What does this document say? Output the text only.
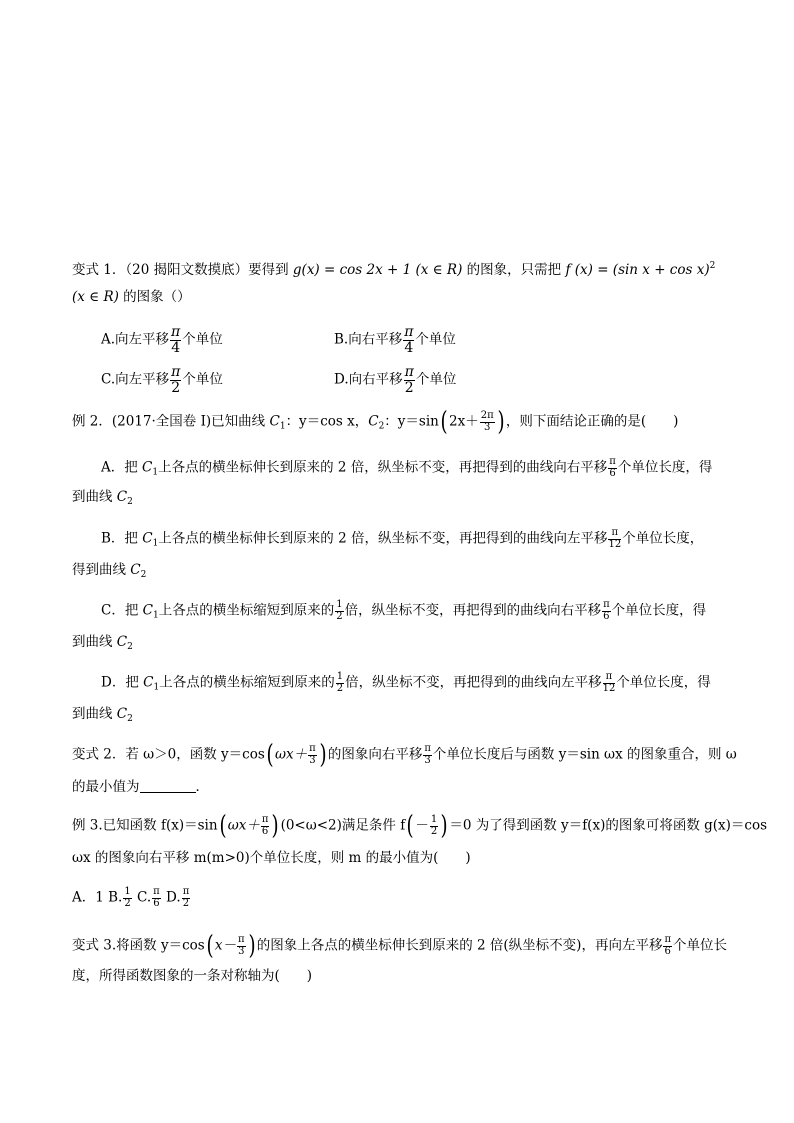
变式 1．（20 揭阳文数摸底）要得到 g(x) = cos 2x + 1 (x ∈ R) 的图象，只需把 f (x) = (sin x + cos x)$^2$
(x ∈ R) 的图象（）
A.向左平移 $\frac{\pi}{4}$ 个单位	B.向右平移 $\frac{\pi}{4}$ 个单位
C.向左平移 $\frac{\pi}{2}$ 个单位	D.向右平移 $\frac{\pi}{2}$ 个单位
例 2．(2017·全国卷 I)已知曲线 $C_1$：y＝cos x，$C_2$：y＝sin( $2x+ \frac{2\pi}{3}$ ) ，则下面结论正确的是(　　)
A．把 $C_1$上各点的横坐标伸长到原来的 2 倍，纵坐标不变，再把得到的曲线向右平移 $\frac{\pi}{6}$ 个单位长度，得
到曲线 $C_2$
B．把 $C_1$上各点的横坐标伸长到原来的 2 倍，纵坐标不变，再把得到的曲线向左平移 $\frac{\pi}{12}$ 个单位长度，
得到曲线 $C_2$
C．把 $C_1$上各点的横坐标缩短到原来的 $\frac{1}{2}$ 倍，纵坐标不变，再把得到的曲线向右平移 $\frac{\pi}{6}$ 个单位长度，得
到曲线 $C_2$
D．把 $C_1$上各点的横坐标缩短到原来的 $\frac{1}{2}$ 倍，纵坐标不变，再把得到的曲线向左平移 $\frac{\pi}{12}$ 个单位长度，得
到曲线 $C_2$
变式 2．若 ω＞0，函数 y＝cos( $\omega x+ \frac{\pi}{3}$ ) 的图象向右平移 $\frac{\pi}{3}$ 个单位长度后与函数 y＝sin ωx 的图象重合，则 ω
的最小值为	．
例 3.已知函数 f(x)＝sin( $\omega x+ \frac{\pi}{6}$ ) (0<ω<2)满足条件 $f( - \frac{1}{2}$ ) ＝0 为了得到函数 y＝f(x)的图象可将函数 g(x)＝cos
ωx 的图象向右平移 m(m>0)个单位长度，则 m 的最小值为(　　)
A．1 B. $\frac{1}{2} C$. $\frac{\pi}{6} D$. $\frac{\pi}{2}$
变式 3.将函数 y＝cos( $x- \frac{\pi}{3}$ ) 的图象上各点的横坐标伸长到原来的 2 倍(纵坐标不变)，再向左平移 $\frac{\pi}{6}$ 个单位长
度，所得函数图象的一条对称轴为(　　)
